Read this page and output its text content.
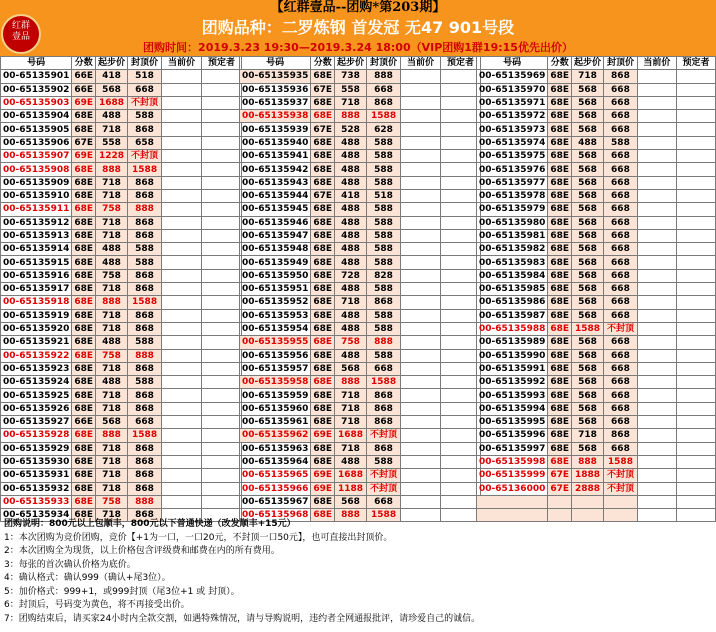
红群
壹品
【红群壹品--团购*第203期】
团购品种：二罗炼钢 首发冠 无47 901号段
团购时间：2019.3.23 19:30—2019.3.24 18:00（VIP团购1群19:15优先出价）
号码	分数	起步价	封顶价	当前价	预定者
00-65135901	66E	418	518		
00-65135902	66E	568	668		
00-65135903	69E	1688	不封顶		
00-65135904	68E	488	588		
00-65135905	68E	718	868		
00-65135906	67E	558	658		
00-65135907	69E	1228	不封顶		
00-65135908	68E	888	1588		
00-65135909	68E	718	868		
00-65135910	68E	718	868		
00-65135911	68E	758	888		
00-65135912	68E	718	868		
00-65135913	68E	718	868		
00-65135914	68E	488	588		
00-65135915	68E	488	588		
00-65135916	68E	758	868		
00-65135917	68E	718	868		
00-65135918	68E	888	1588		
00-65135919	68E	718	868		
00-65135920	68E	718	868		
00-65135921	68E	488	588		
00-65135922	68E	758	888		
00-65135923	68E	718	868		
00-65135924	68E	488	588		
00-65135925	68E	718	868		
00-65135926	68E	718	868		
00-65135927	66E	568	668		
00-65135928	68E	888	1588		
00-65135929	68E	718	868		
00-65135930	68E	718	868		
00-65135931	68E	718	868		
00-65135932	68E	718	868		
00-65135933	68E	758	888		
00-65135934	68E	718	868		
号码	分数	起步价	封顶价	当前价	预定者
00-65135935	68E	738	888		
00-65135936	67E	558	668		
00-65135937	68E	718	868		
00-65135938	68E	888	1588		
00-65135939	67E	528	628		
00-65135940	68E	488	588		
00-65135941	68E	488	588		
00-65135942	68E	488	588		
00-65135943	68E	488	588		
00-65135944	67E	418	518		
00-65135945	68E	488	588		
00-65135946	68E	488	588		
00-65135947	68E	488	588		
00-65135948	68E	488	588		
00-65135949	68E	488	588		
00-65135950	68E	728	828		
00-65135951	68E	488	588		
00-65135952	68E	718	868		
00-65135953	68E	488	588		
00-65135954	68E	488	588		
00-65135955	68E	758	888		
00-65135956	68E	488	588		
00-65135957	68E	568	668		
00-65135958	68E	888	1588		
00-65135959	68E	718	868		
00-65135960	68E	718	868		
00-65135961	68E	718	868		
00-65135962	69E	1688	不封顶		
00-65135963	68E	718	868		
00-65135964	68E	488	588		
00-65135965	69E	1688	不封顶		
00-65135966	69E	1188	不封顶		
00-65135967	68E	568	668		
00-65135968	68E	888	1588		
号码	分数	起步价	封顶价	当前价	预定者
00-65135969	68E	718	868		
00-65135970	68E	568	668		
00-65135971	68E	568	668		
00-65135972	68E	568	668		
00-65135973	68E	568	668		
00-65135974	68E	488	588		
00-65135975	68E	568	668		
00-65135976	68E	568	668		
00-65135977	68E	568	668		
00-65135978	68E	568	668		
00-65135979	68E	568	668		
00-65135980	68E	568	668		
00-65135981	68E	568	668		
00-65135982	68E	568	668		
00-65135983	68E	568	668		
00-65135984	68E	568	668		
00-65135985	68E	568	668		
00-65135986	68E	568	668		
00-65135987	68E	568	668		
00-65135988	68E	1588	不封顶		
00-65135989	68E	568	668		
00-65135990	68E	568	668		
00-65135991	68E	568	668		
00-65135992	68E	568	668		
00-65135993	68E	568	668		
00-65135994	68E	568	668		
00-65135995	68E	568	668		
00-65135996	68E	718	868		
00-65135997	68E	568	668		
00-65135998	68E	888	1588		
00-65135999	67E	1888	不封顶		
00-65136000	67E	2888	不封顶		

团购说明：800元以上包顺丰，800元以下普通快递（改发顺丰+15元）
1：本次团购为竞价团购，竞价【+1为一口，一口20元，不封顶一口50元】，也可直接出封顶价。
2：本次团购全为现货，以上价格包含评级费和邮费在内的所有费用。
3：每张的首次确认价格为底价。
4：确认格式：确认999（确认+尾3位）。
5：加价格式：999+1，或999封顶（尾3位+1 或 封顶）。
6：封顶后，号码变为黄色，将不再接受出价。
7：团购结束后，请买家24小时内全款交割，如遇特殊情况，请与导购说明，违约者全网通报批评，请珍爱自己的诚信。
